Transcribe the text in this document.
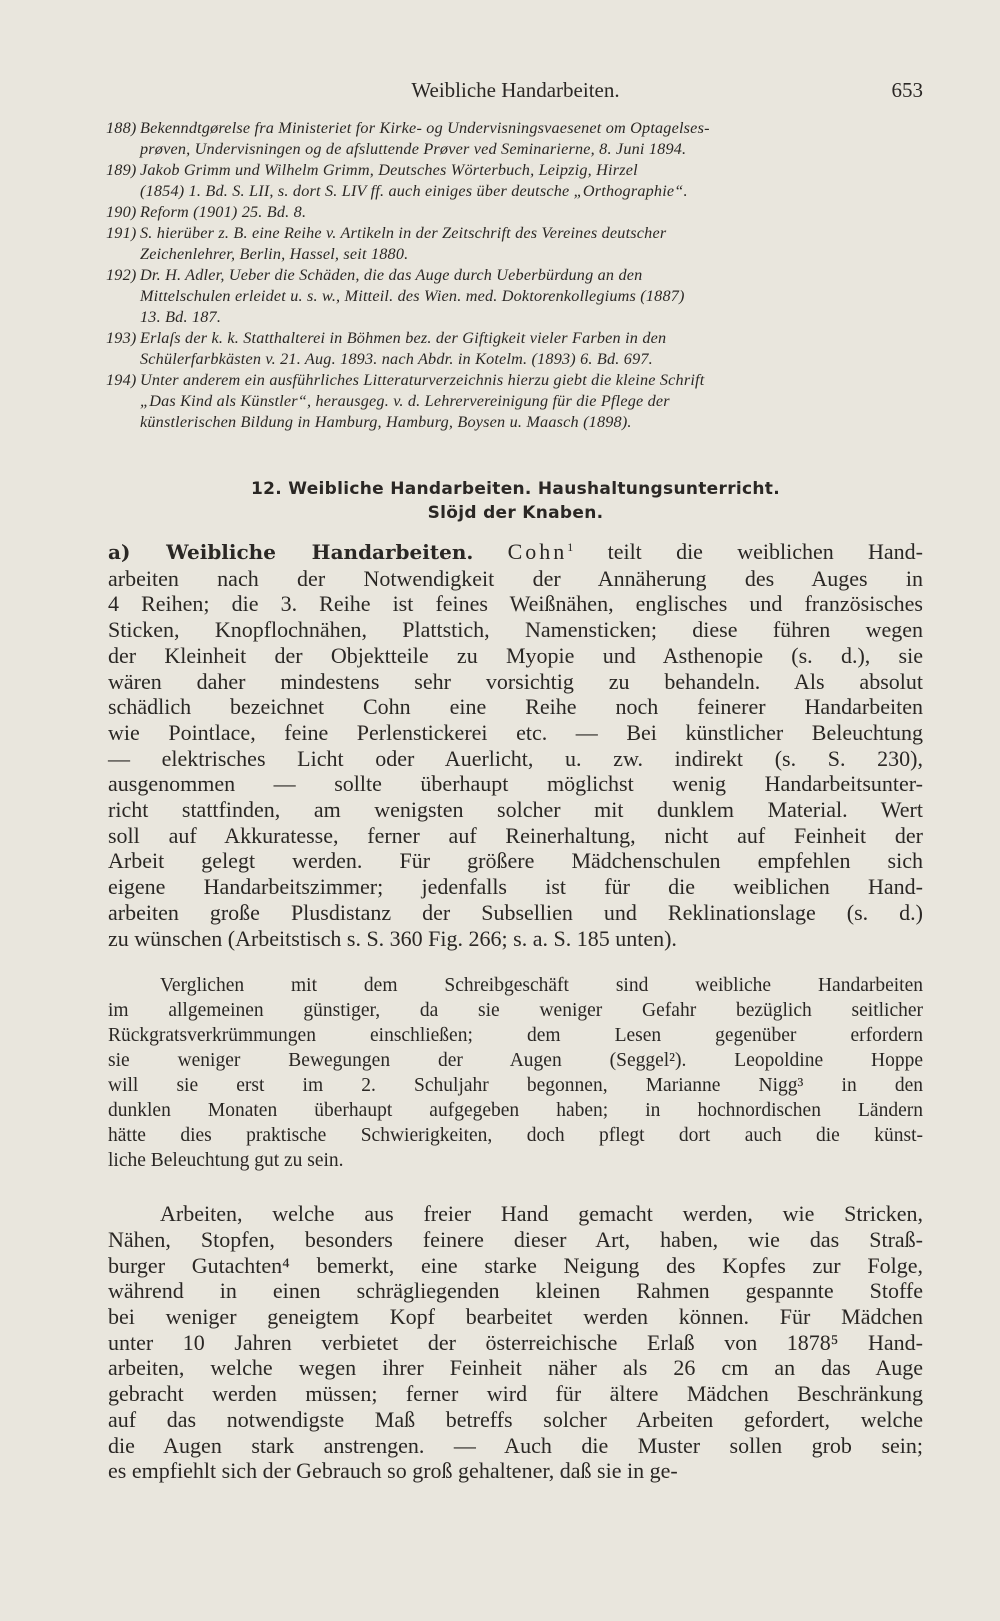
Weibliche Handarbeiten.	653
188) Bekenndtgørelse fra Ministeriet for Kirke- og Undervisningsvaesenet om Optagelses-
prøven, Undervisningen og de afsluttende Prøver ved Seminarierne, 8. Juni 1894.
189) Jakob Grimm und Wilhelm Grimm, Deutsches Wörterbuch, Leipzig, Hirzel
(1854) 1. Bd. S. LII, s. dort S. LIV ff. auch einiges über deutsche „Orthographie“.
190) Reform (1901) 25. Bd. 8.
191) S. hierüber z. B. eine Reihe v. Artikeln in der Zeitschrift des Vereines deutscher
Zeichenlehrer, Berlin, Hassel, seit 1880.
192) Dr. H. Adler, Ueber die Schäden, die das Auge durch Ueberbürdung an den
Mittelschulen erleidet u. s. w., Mitteil. des Wien. med. Doktorenkollegiums (1887)
13. Bd. 187.
193) Erlaſs der k. k. Statthalterei in Böhmen bez. der Giftigkeit vieler Farben in den
Schülerfarbkästen v. 21. Aug. 1893. nach Abdr. in Kotelm. (1893) 6. Bd. 697.
194) Unter anderem ein ausführliches Litteraturverzeichnis hierzu giebt die kleine Schrift
„Das Kind als Künstler“, herausgeg. v. d. Lehrervereinigung für die Pflege der
künstlerischen Bildung in Hamburg, Hamburg, Boysen u. Maasch (1898).
12. Weibliche Handarbeiten. Haushaltungsunterricht.
Slöjd der Knaben.
a) Weibliche Handarbeiten. Cohn$^1$ teilt die weiblichen Hand-
arbeiten nach der Notwendigkeit der Annäherung des Auges in
4 Reihen; die 3. Reihe ist feines Weißnähen, englisches und französisches
Sticken, Knopflochnähen, Plattstich, Namensticken; diese führen wegen
der Kleinheit der Objektteile zu Myopie und Asthenopie (s. d.), sie
wären daher mindestens sehr vorsichtig zu behandeln. Als absolut
schädlich bezeichnet Cohn eine Reihe noch feinerer Handarbeiten
wie Pointlace, feine Perlenstickerei etc. — Bei künstlicher Beleuchtung
— elektrisches Licht oder Auerlicht, u. zw. indirekt (s. S. 230),
ausgenommen — sollte überhaupt möglichst wenig Handarbeitsunter-
richt stattfinden, am wenigsten solcher mit dunklem Material. Wert
soll auf Akkuratesse, ferner auf Reinerhaltung, nicht auf Feinheit der
Arbeit gelegt werden. Für größere Mädchenschulen empfehlen sich
eigene Handarbeitszimmer; jedenfalls ist für die weiblichen Hand-
arbeiten große Plusdistanz der Subsellien und Reklinationslage (s. d.)
zu wünschen (Arbeitstisch s. S. 360 Fig. 266; s. a. S. 185 unten).
Verglichen mit dem Schreibgeschäft sind weibliche Handarbeiten
im allgemeinen günstiger, da sie weniger Gefahr bezüglich seitlicher
Rückgratsverkrümmungen einschließen; dem Lesen gegenüber erfordern
sie weniger Bewegungen der Augen (Seggel²). Leopoldine Hoppe
will sie erst im 2. Schuljahr begonnen, Marianne Nigg³ in den
dunklen Monaten überhaupt aufgegeben haben; in hochnordischen Ländern
hätte dies praktische Schwierigkeiten, doch pflegt dort auch die künst-
liche Beleuchtung gut zu sein.
Arbeiten, welche aus freier Hand gemacht werden, wie Stricken,
Nähen, Stopfen, besonders feinere dieser Art, haben, wie das Straß-
burger Gutachten⁴ bemerkt, eine starke Neigung des Kopfes zur Folge,
während in einen schrägliegenden kleinen Rahmen gespannte Stoffe
bei weniger geneigtem Kopf bearbeitet werden können. Für Mädchen
unter 10 Jahren verbietet der österreichische Erlaß von 1878⁵ Hand-
arbeiten, welche wegen ihrer Feinheit näher als 26 cm an das Auge
gebracht werden müssen; ferner wird für ältere Mädchen Beschränkung
auf das notwendigste Maß betreffs solcher Arbeiten gefordert, welche
die Augen stark anstrengen. — Auch die Muster sollen grob sein;
es empfiehlt sich der Gebrauch so groß gehaltener, daß sie in ge-
